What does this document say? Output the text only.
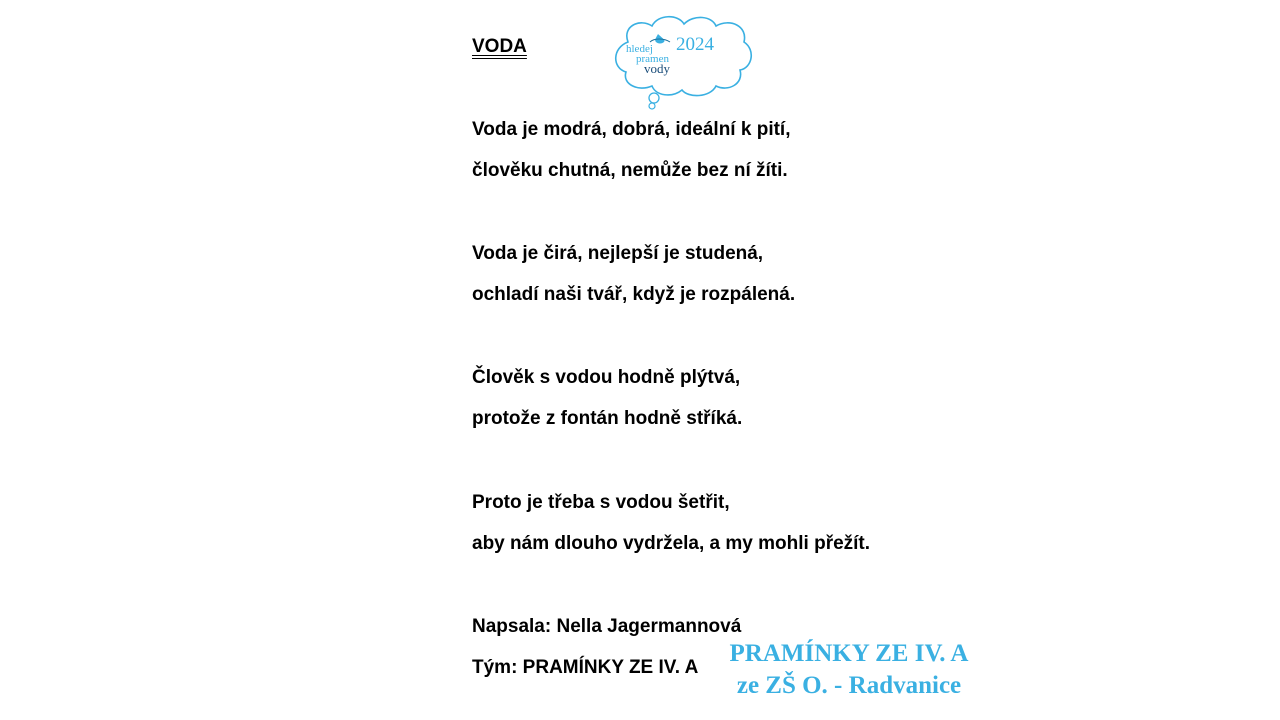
VODA	2024
hledej
pramen
vody
Voda je modrá, dobrá, ideální k pití,
člověku chutná, nemůže bez ní žíti.
Voda je čirá, nejlepší je studená,
ochladí naši tvář, když je rozpálená.
Člověk s vodou hodně plýtvá,
protože z fontán hodně stříká.
Proto je třeba s vodou šetřit,
aby nám dlouho vydržela, a my mohli přežít.
Napsala: Nella Jagermannová
Tým: PRAMÍNKY ZE IV. A
PRAMÍNKY ZE IV. A
ze ZŠ O. - Radvanice
